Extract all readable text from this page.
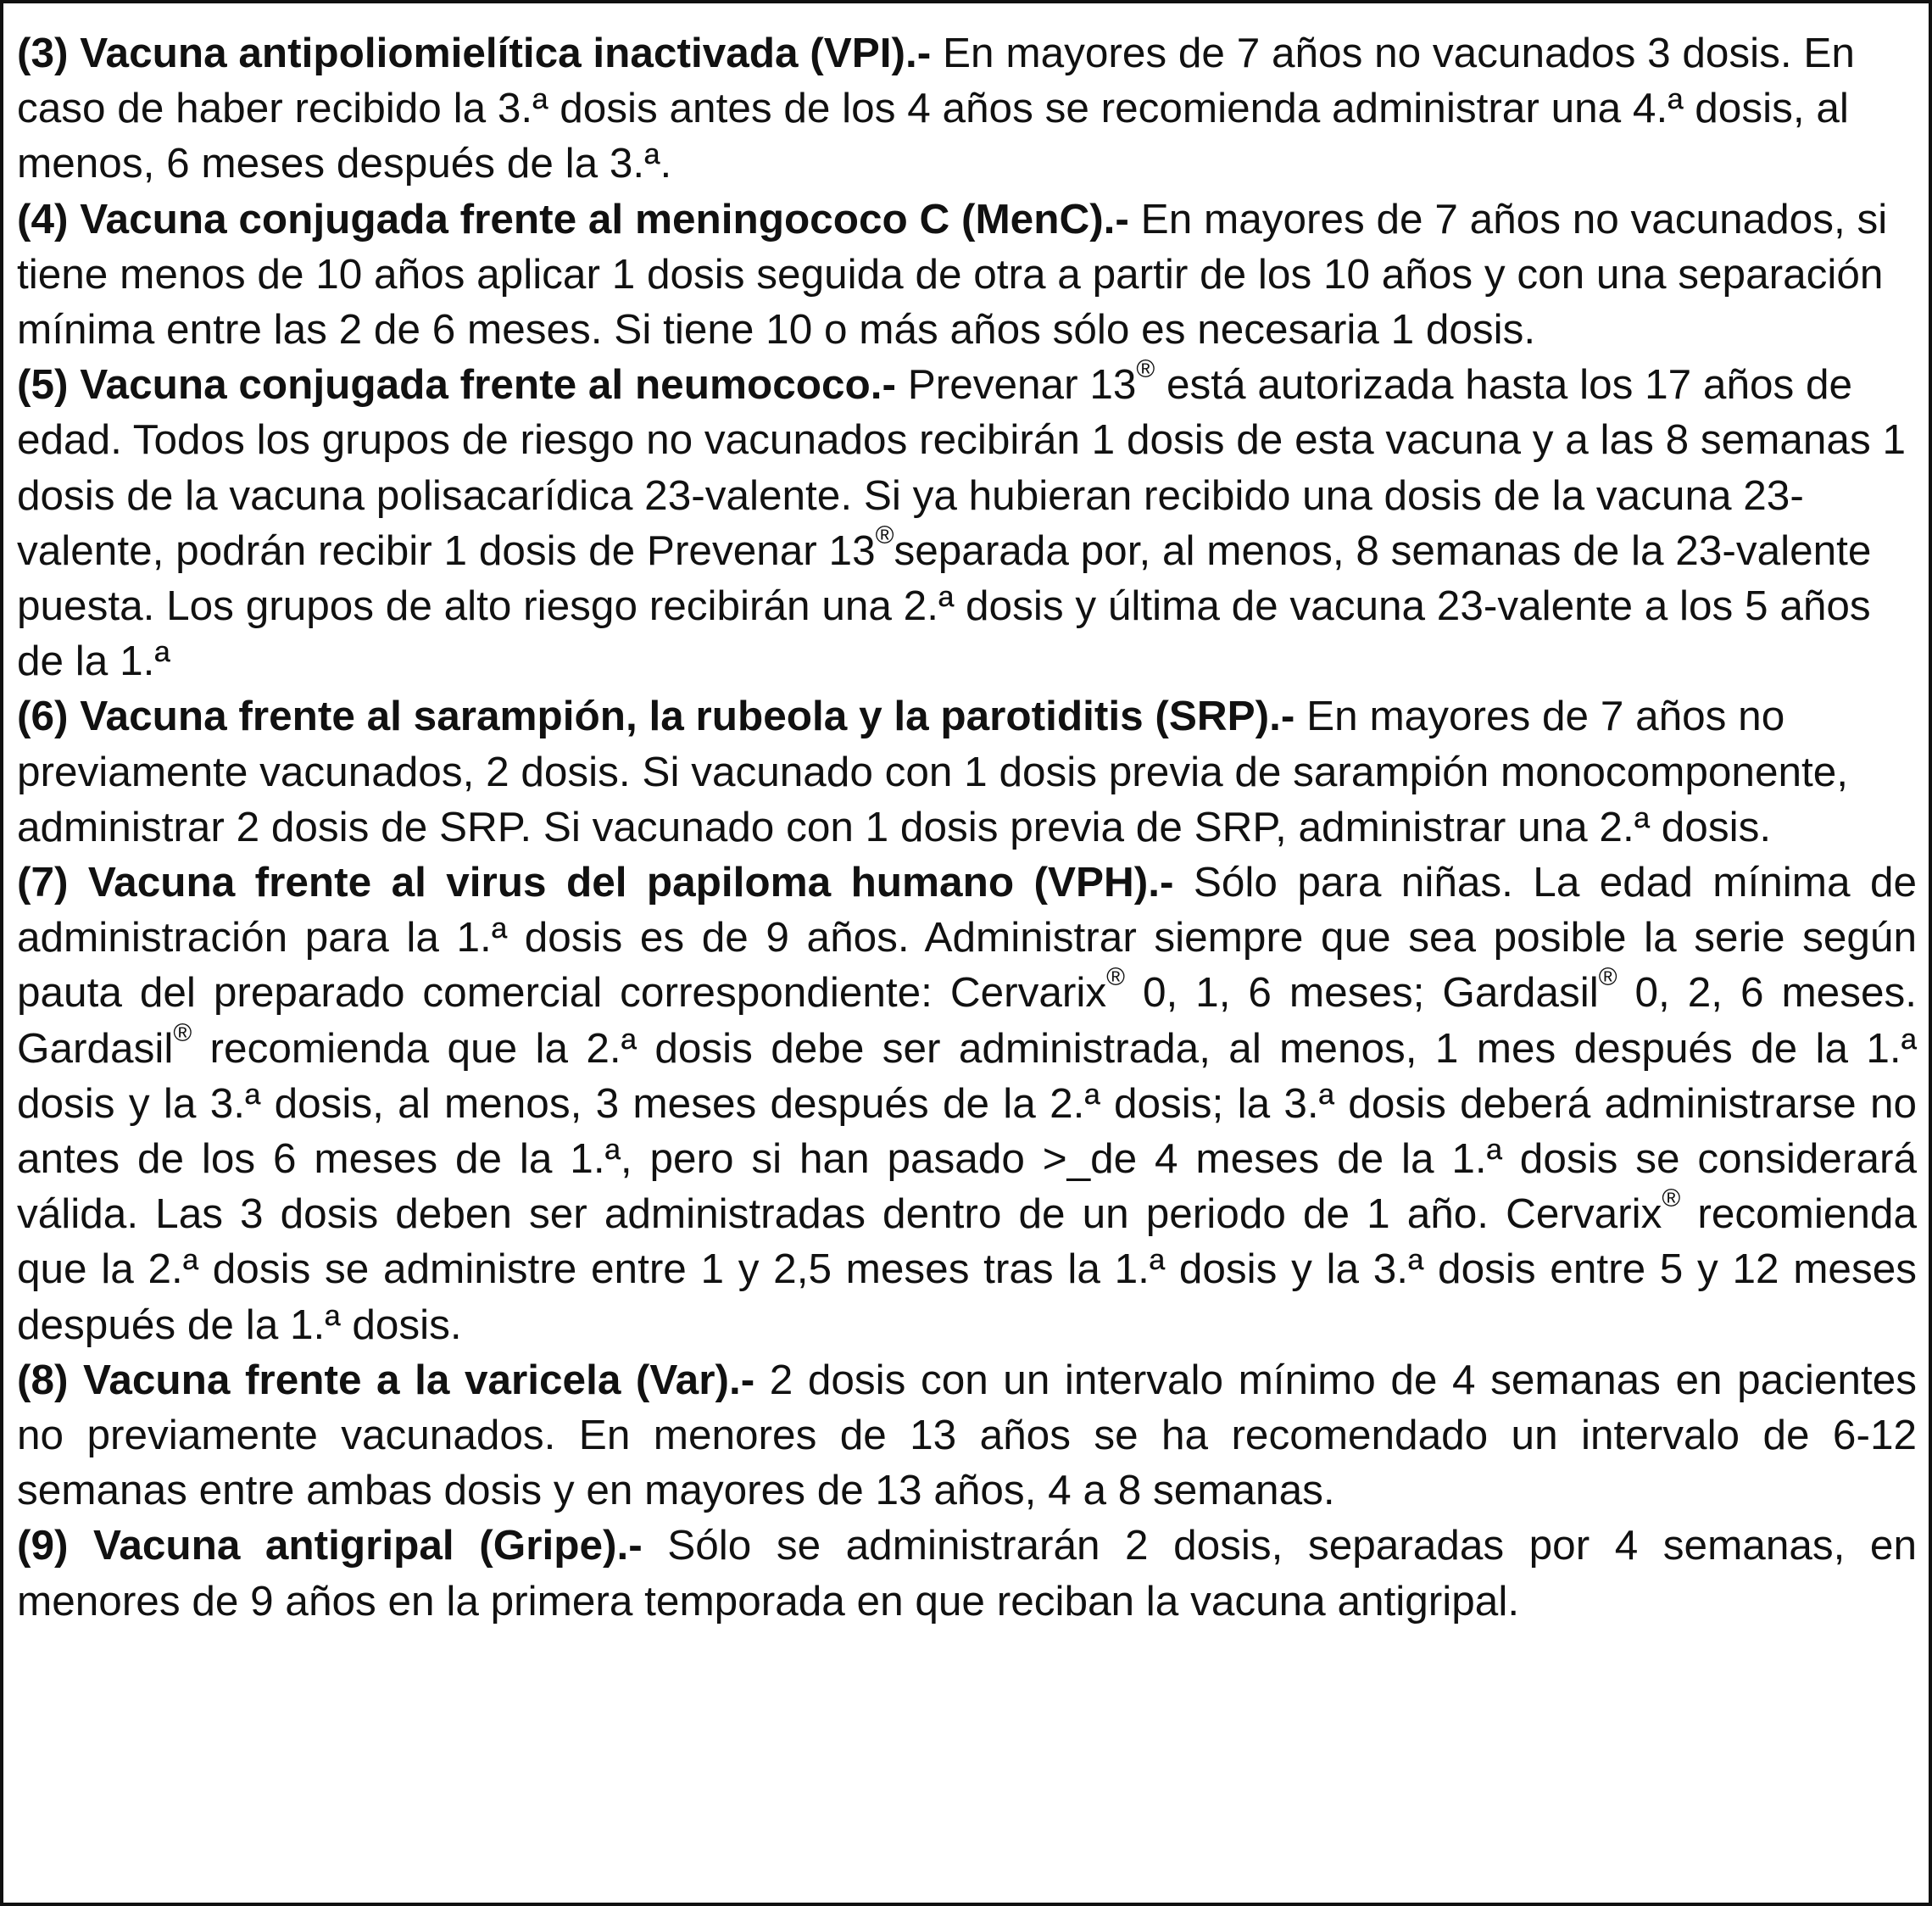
(3) Vacuna antipoliomielítica inactivada (VPI).- En mayores de 7 años no vacunados 3 dosis. En caso de haber recibido la 3.ª dosis antes de los 4 años se recomienda administrar una 4.ª dosis, al menos, 6 meses después de la 3.ª.

(4) Vacuna conjugada frente al meningococo C (MenC).- En mayores de 7 años no vacunados, si tiene menos de 10 años aplicar 1 dosis seguida de otra a partir de los 10 años y con una separación mínima entre las 2 de 6 meses. Si tiene 10 o más años sólo es necesaria 1 dosis.

(5) Vacuna conjugada frente al neumococo.- Prevenar 13® está autorizada hasta los 17 años de edad. Todos los grupos de riesgo no vacunados recibirán 1 dosis de esta vacuna y a las 8 semanas 1 dosis de la vacuna polisacarídica 23-valente. Si ya hubieran recibido una dosis de la vacuna 23-valente, podrán recibir 1 dosis de Prevenar 13®separada por, al menos, 8 semanas de la 23-valente puesta. Los grupos de alto riesgo recibirán una 2.ª dosis y última de vacuna 23-valente a los 5 años de la 1.ª

(6) Vacuna frente al sarampión, la rubeola y la parotiditis (SRP).- En mayores de 7 años no previamente vacunados, 2 dosis. Si vacunado con 1 dosis previa de sarampión monocomponente, administrar 2 dosis de SRP. Si vacunado con 1 dosis previa de SRP, administrar una 2.ª dosis.

(7) Vacuna frente al virus del papiloma humano (VPH).- Sólo para niñas. La edad mínima de administración para la 1.ª dosis es de 9 años. Administrar siempre que sea posible la serie según pauta del preparado comercial correspondiente: Cervarix® 0, 1, 6 meses; Gardasil® 0, 2, 6 meses. Gardasil® recomienda que la 2.ª dosis debe ser administrada, al menos, 1 mes después de la 1.ª dosis y la 3.ª dosis, al menos, 3 meses después de la 2.ª dosis; la 3.ª dosis deberá administrarse no antes de los 6 meses de la 1.ª, pero si han pasado >_de 4 meses de la 1.ª dosis se considerará válida. Las 3 dosis deben ser administradas dentro de un periodo de 1 año. Cervarix® recomienda que la 2.ª dosis se administre entre 1 y 2,5 meses tras la 1.ª dosis y la 3.ª dosis entre 5 y 12 meses después de la 1.ª dosis.

(8) Vacuna frente a la varicela (Var).- 2 dosis con un intervalo mínimo de 4 semanas en pacientes no previamente vacunados. En menores de 13 años se ha recomendado un intervalo de 6-12 semanas entre ambas dosis y en mayores de 13 años, 4 a 8 semanas.

(9) Vacuna antigripal (Gripe).- Sólo se administrarán 2 dosis, separadas por 4 semanas, en menores de 9 años en la primera temporada en que reciban la vacuna antigripal.
